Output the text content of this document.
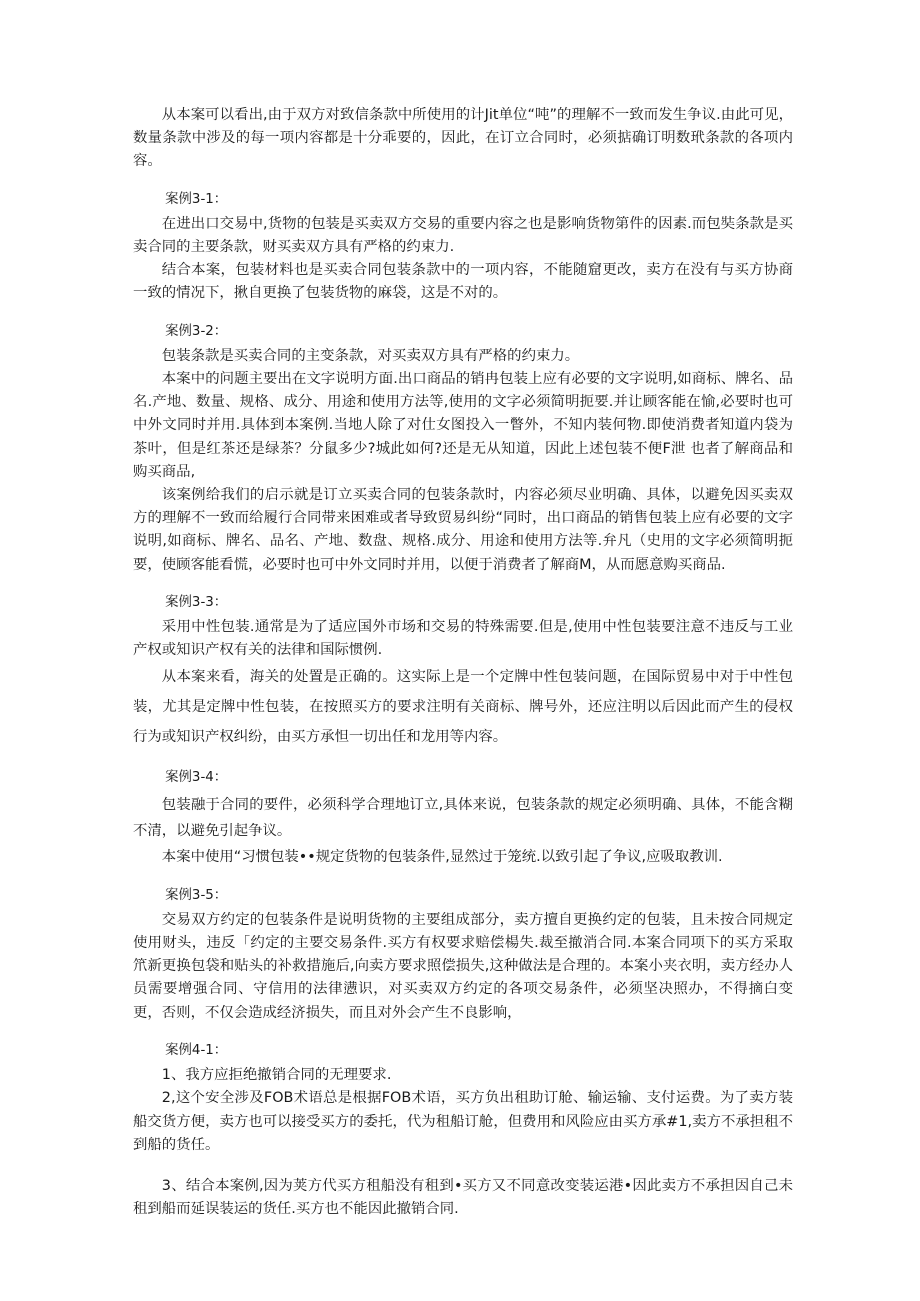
从本案可以看出,由于双方对致信条款中所使用的计Jit单位“吨”的理解不一致而发生争议.由此可见，数量条款中涉及的每一项内容都是十分乖要的，因此，在订立合同时，必须掂确订明数玳条款的各项内容。

案例3-1：

在进出口交易中,货物的包装是买卖双方交易的重要内容之也是影响货物第件的因素.而包奘条款是买卖合同的主要条款，财买卖双方具有严格的约束力.

结合本案，包装材料也是买卖合同包装条款中的一项内容，不能随窟更改，卖方在没有与买方协商一致的情况下，揪自更换了包装货物的麻袋，这是不对的。

案例3-2：

包装条款是买卖合同的主变条款，对买卖双方具有严格的约束力。

本案中的问题主要出在文字说明方面.出口商品的销冉包装上应有必要的文字说明,如商标、牌名、品名.产地、数量、规格、成分、用途和使用方法等,使用的文字必须简明扼要.并让顾客能在愉,必要时也可中外文同时并用.具体到本案例.当地人除了对仕女图投入一瞥外，不知内装何物.即使消费者知道内袋为茶叶，但是红茶还是绿茶？分鼠多少?城此如何?还是无从知道，因此上述包装不便F泄 也者了解商品和购买商品,

该案例给我们的启示就是订立买卖合同的包装条款时，内容必须尽业明确、具体，以避免因买卖双方的理解不一致而给履行合同带来困难或者导致贸易纠纷“同时，出口商品的销售包装上应有必要的文字说明,如商标、牌名、品名、产地、数盘、规格.成分、用途和使用方法等.弁凡（史用的文字必须简明扼要，使顾客能看慌，必要时也可中外文同时并用，以便于消费者了解商M，从而愿意购买商品.

案例3-3：

采用中性包装.通常是为了适应国外市场和交易的特殊需要.但是,使用中性包装要注意不违反与工业产权或知识产权有关的法律和国际惯例.

从本案来看，海关的处置是正确的。这实际上是一个定牌中性包装问题，在国际贸易中对于中性包装，尤其是定牌中性包装，在按照买方的要求注明有关商标、牌号外，还应注明以后因此而产生的侵权行为或知识产权纠纷，由买方承怛一切出任和龙用等内容。

案例3-4：

包装融于合同的要件，必须科学合理地订立,具体来说，包装条款的规定必须明确、具体，不能含糊不清，以避免引起争议。

本案中使用“习惯包装••规定货物的包装条件,显然过于笼统.以致引起了争议,应吸取教训.

案例3-5：

交易双方约定的包装条件是说明货物的主要组成部分，卖方擅自更换约定的包装，且未按合同规定使用财头，违反「约定的主要交易条件.买方有权要求赔偿楊失.裁至撤消合同.本案合同项下的买方采取笊新更换包袋和贴头的补救措施后,向卖方要求照偿损失,这种做法是合理的。本案小夹衣明，卖方经办人员需要增强合同、守信用的法律懑识，对买卖双方约定的各项交易条件，必须坚决照办，不得摘白变更，否则，不仅会造成经济损失，而且对外会产生不良影响，

案例4-1：

1、我方应拒绝撤销合同的无理要求.

2,这个安全涉及FOB术语总是根据FOB术语，买方负出租助订舱、输运输、支付运费。为了卖方装船交货方便，卖方也可以接受买方的委托，代为租船订舱，但费用和风险应由买方承#1,卖方不承担租不到船的货任。

3、结合本案例,因为荚方代买方租船没有租到•买方又不同意改变装运港•因此卖方不承担因自己未租到船而延误装运的货任.买方也不能因此撤销合同.
